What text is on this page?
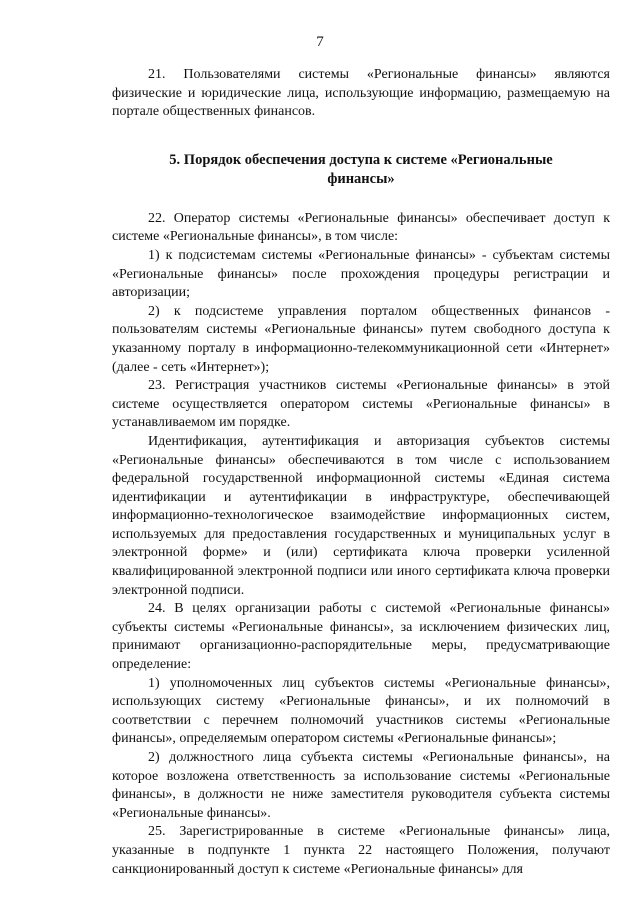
7

21. Пользователями системы «Региональные финансы» являются физические и юридические лица, использующие информацию, размещаемую на портале общественных финансов.

5. Порядок обеспечения доступа к системе «Региональные финансы»

22. Оператор системы «Региональные финансы» обеспечивает доступ к системе «Региональные финансы», в том числе:

1) к подсистемам системы «Региональные финансы» - субъектам системы «Региональные финансы» после прохождения процедуры регистрации и авторизации;

2) к подсистеме управления порталом общественных финансов - пользователям системы «Региональные финансы» путем свободного доступа к указанному порталу в информационно-телекоммуникационной сети «Интернет» (далее - сеть «Интернет»);

23. Регистрация участников системы «Региональные финансы» в этой системе осуществляется оператором системы «Региональные финансы» в устанавливаемом им порядке.

Идентификация, аутентификация и авторизация субъектов системы «Региональные финансы» обеспечиваются в том числе с использованием федеральной государственной информационной системы «Единая система идентификации и аутентификации в инфраструктуре, обеспечивающей информационно-технологическое взаимодействие информационных систем, используемых для предоставления государственных и муниципальных услуг в электронной форме» и (или) сертификата ключа проверки усиленной квалифицированной электронной подписи или иного сертификата ключа проверки электронной подписи.

24. В целях организации работы с системой «Региональные финансы» субъекты системы «Региональные финансы», за исключением физических лиц, принимают организационно-распорядительные меры, предусматривающие определение:

1) уполномоченных лиц субъектов системы «Региональные финансы», использующих систему «Региональные финансы», и их полномочий в соответствии с перечнем полномочий участников системы «Региональные финансы», определяемым оператором системы «Региональные финансы»;

2) должностного лица субъекта системы «Региональные финансы», на которое возложена ответственность за использование системы «Региональные финансы», в должности не ниже заместителя руководителя субъекта системы «Региональные финансы».

25. Зарегистрированные в системе «Региональные финансы» лица, указанные в подпункте 1 пункта 22 настоящего Положения, получают санкционированный доступ к системе «Региональные финансы» для
